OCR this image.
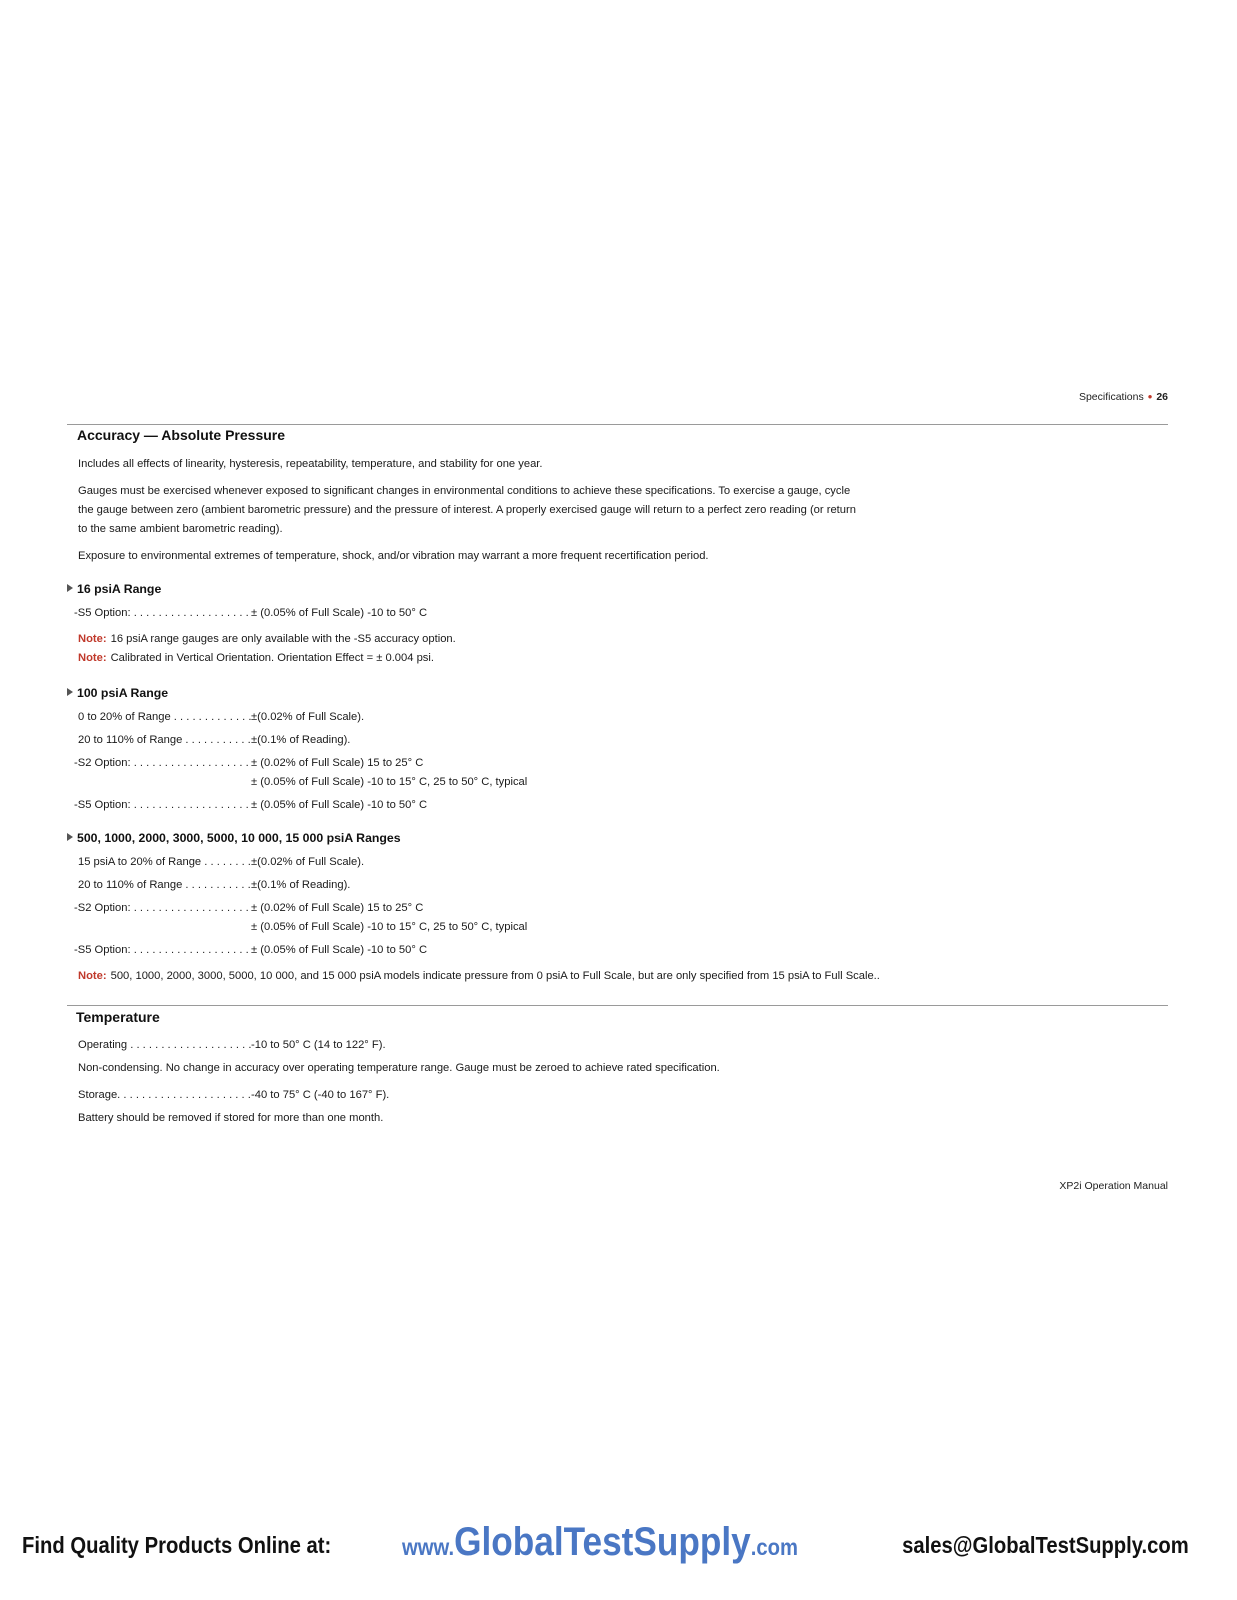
Specifications • 26
Accuracy — Absolute Pressure
Includes all effects of linearity, hysteresis, repeatability, temperature, and stability for one year.
Gauges must be exercised whenever exposed to significant changes in environmental conditions to achieve these specifications. To exercise a gauge, cycle
the gauge between zero (ambient barometric pressure) and the pressure of interest. A properly exercised gauge will return to a perfect zero reading (or return
to the same ambient barometric reading).
Exposure to environmental extremes of temperature, shock, and/or vibration may warrant a more frequent recertification period.
16 psiA Range
-S5 Option: . . .	± (0.05% of Full Scale) -10 to 50° C
Note: 16 psiA range gauges are only available with the -S5 accuracy option.
Note: Calibrated in Vertical Orientation. Orientation Effect = ± 0.004 psi.
100 psiA Range
0 to 20% of Range . . .	±(0.02% of Full Scale).
20 to 110% of Range . . .	±(0.1% of Reading).
-S2 Option: . . .	± (0.02% of Full Scale) 15 to 25° C
± (0.05% of Full Scale) -10 to 15° C, 25 to 50° C, typical
-S5 Option: . . .	± (0.05% of Full Scale) -10 to 50° C
500, 1000, 2000, 3000, 5000, 10 000, 15 000 psiA Ranges
15 psiA to 20% of Range . . .	±(0.02% of Full Scale).
20 to 110% of Range . . .	±(0.1% of Reading).
-S2 Option: . . .	± (0.02% of Full Scale) 15 to 25° C
± (0.05% of Full Scale) -10 to 15° C, 25 to 50° C, typical
-S5 Option: . . .	± (0.05% of Full Scale) -10 to 50° C
Note: 500, 1000, 2000, 3000, 5000, 10 000, and 15 000 psiA models indicate pressure from 0 psiA to Full Scale, but are only specified from 15 psiA to Full Scale..
Temperature
Operating . . .	-10 to 50° C (14 to 122° F).
Non-condensing. No change in accuracy over operating temperature range. Gauge must be zeroed to achieve rated specification.
Storage. . . .	-40 to 75° C (-40 to 167° F).
Battery should be removed if stored for more than one month.
XP2i Operation Manual
Find Quality Products Online at:	www.GlobalTestSupply.com	sales@GlobalTestSupply.com
